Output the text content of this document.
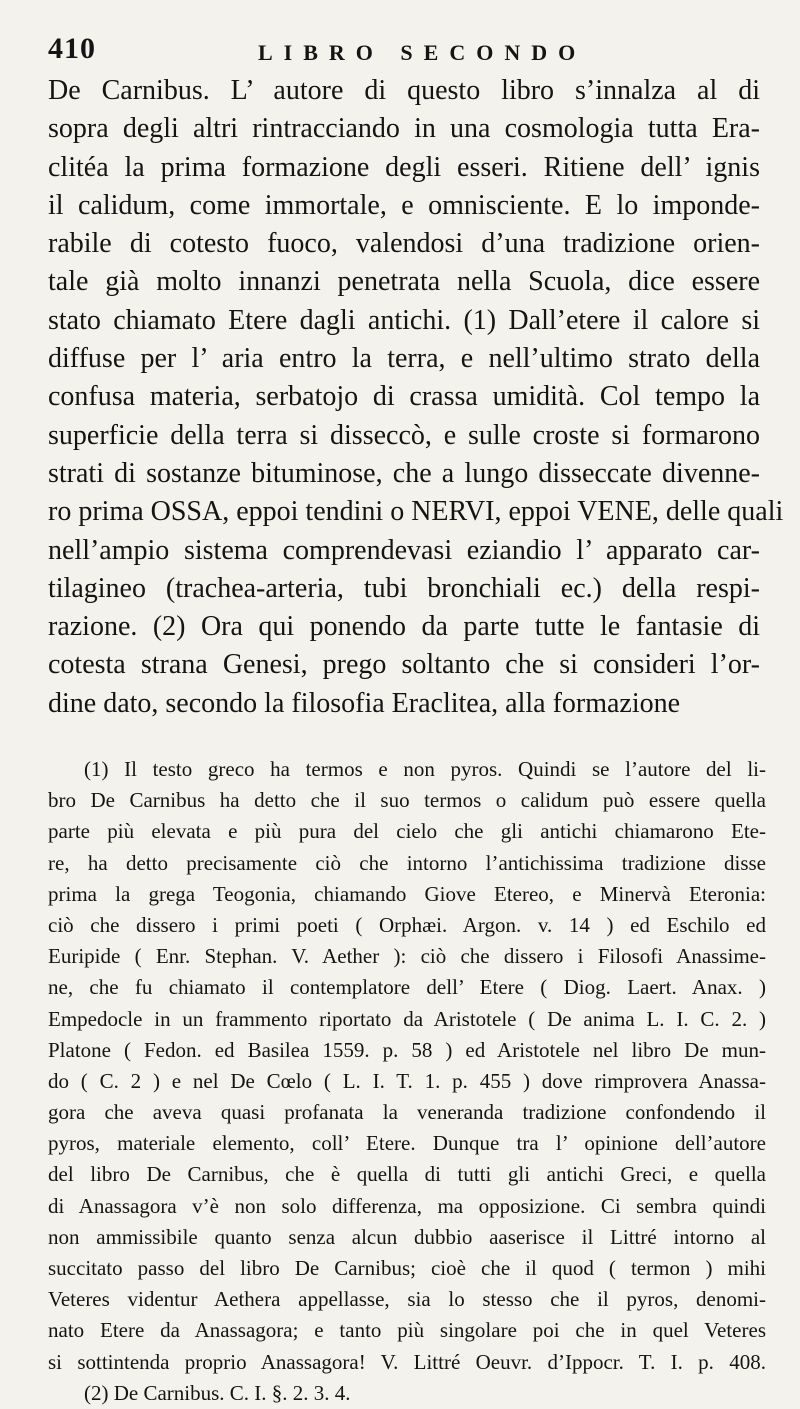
410	LIBRO SECONDO
De Carnibus. L’ autore di questo libro s’innalza al di
sopra degli altri rintracciando in una cosmologia tutta Era-
clitéa la prima formazione degli esseri. Ritiene dell’ ignis
il calidum, come immortale, e omnisciente. E lo imponde-
rabile di cotesto fuoco, valendosi d’una tradizione orien-
tale già molto innanzi penetrata nella Scuola, dice essere
stato chiamato Etere dagli antichi. (1) Dall’etere il calore si
diffuse per l’ aria entro la terra, e nell’ultimo strato della
confusa materia, serbatojo di crassa umidità. Col tempo la
superficie della terra si disseccò, e sulle croste si formarono
strati di sostanze bituminose, che a lungo disseccate divenne-
ro prima OSSA, eppoi tendini o NERVI, eppoi VENE, delle quali
nell’ampio sistema comprendevasi eziandio l’ apparato car-
tilagineo (trachea-arteria, tubi bronchiali ec.) della respi-
razione. (2) Ora qui ponendo da parte tutte le fantasie di
cotesta strana Genesi, prego soltanto che si consideri l’or-
dine dato, secondo la filosofia Eraclitea, alla formazione

(1) Il testo greco ha termos e non pyros. Quindi se l’autore del li-
bro De Carnibus ha detto che il suo termos o calidum può essere quella
parte più elevata e più pura del cielo che gli antichi chiamarono Ete-
re, ha detto precisamente ciò che intorno l’antichissima tradizione disse
prima la grega Teogonia, chiamando Giove Etereo, e Minervà Eteronia:
ciò che dissero i primi poeti ( Orphæi. Argon. v. 14 ) ed Eschilo ed
Euripide ( Enr. Stephan. V. Aether ): ciò che dissero i Filosofi Anassime-
ne, che fu chiamato il contemplatore dell’ Etere ( Diog. Laert. Anax. )
Empedocle in un frammento riportato da Aristotele ( De anima L. I. C. 2. )
Platone ( Fedon. ed Basilea 1559. p. 58 ) ed Aristotele nel libro De mun-
do ( C. 2 ) e nel De Cœlo ( L. I. T. 1. p. 455 ) dove rimprovera Anassa-
gora che aveva quasi profanata la veneranda tradizione confondendo il
pyros, materiale elemento, coll’ Etere. Dunque tra l’ opinione dell’autore
del libro De Carnibus, che è quella di tutti gli antichi Greci, e quella
di Anassagora v’è non solo differenza, ma opposizione. Ci sembra quindi
non ammissibile quanto senza alcun dubbio aaserisce il Littré intorno al
succitato passo del libro De Carnibus; cioè che il quod ( termon ) mihi
Veteres videntur Aethera appellasse, sia lo stesso che il pyros, denomi-
nato Etere da Anassagora; e tanto più singolare poi che in quel Veteres
si sottintenda proprio Anassagora! V. Littré Oeuvr. d’Ippocr. T. I. p. 408.
(2) De Carnibus. C. I. §. 2. 3. 4.
